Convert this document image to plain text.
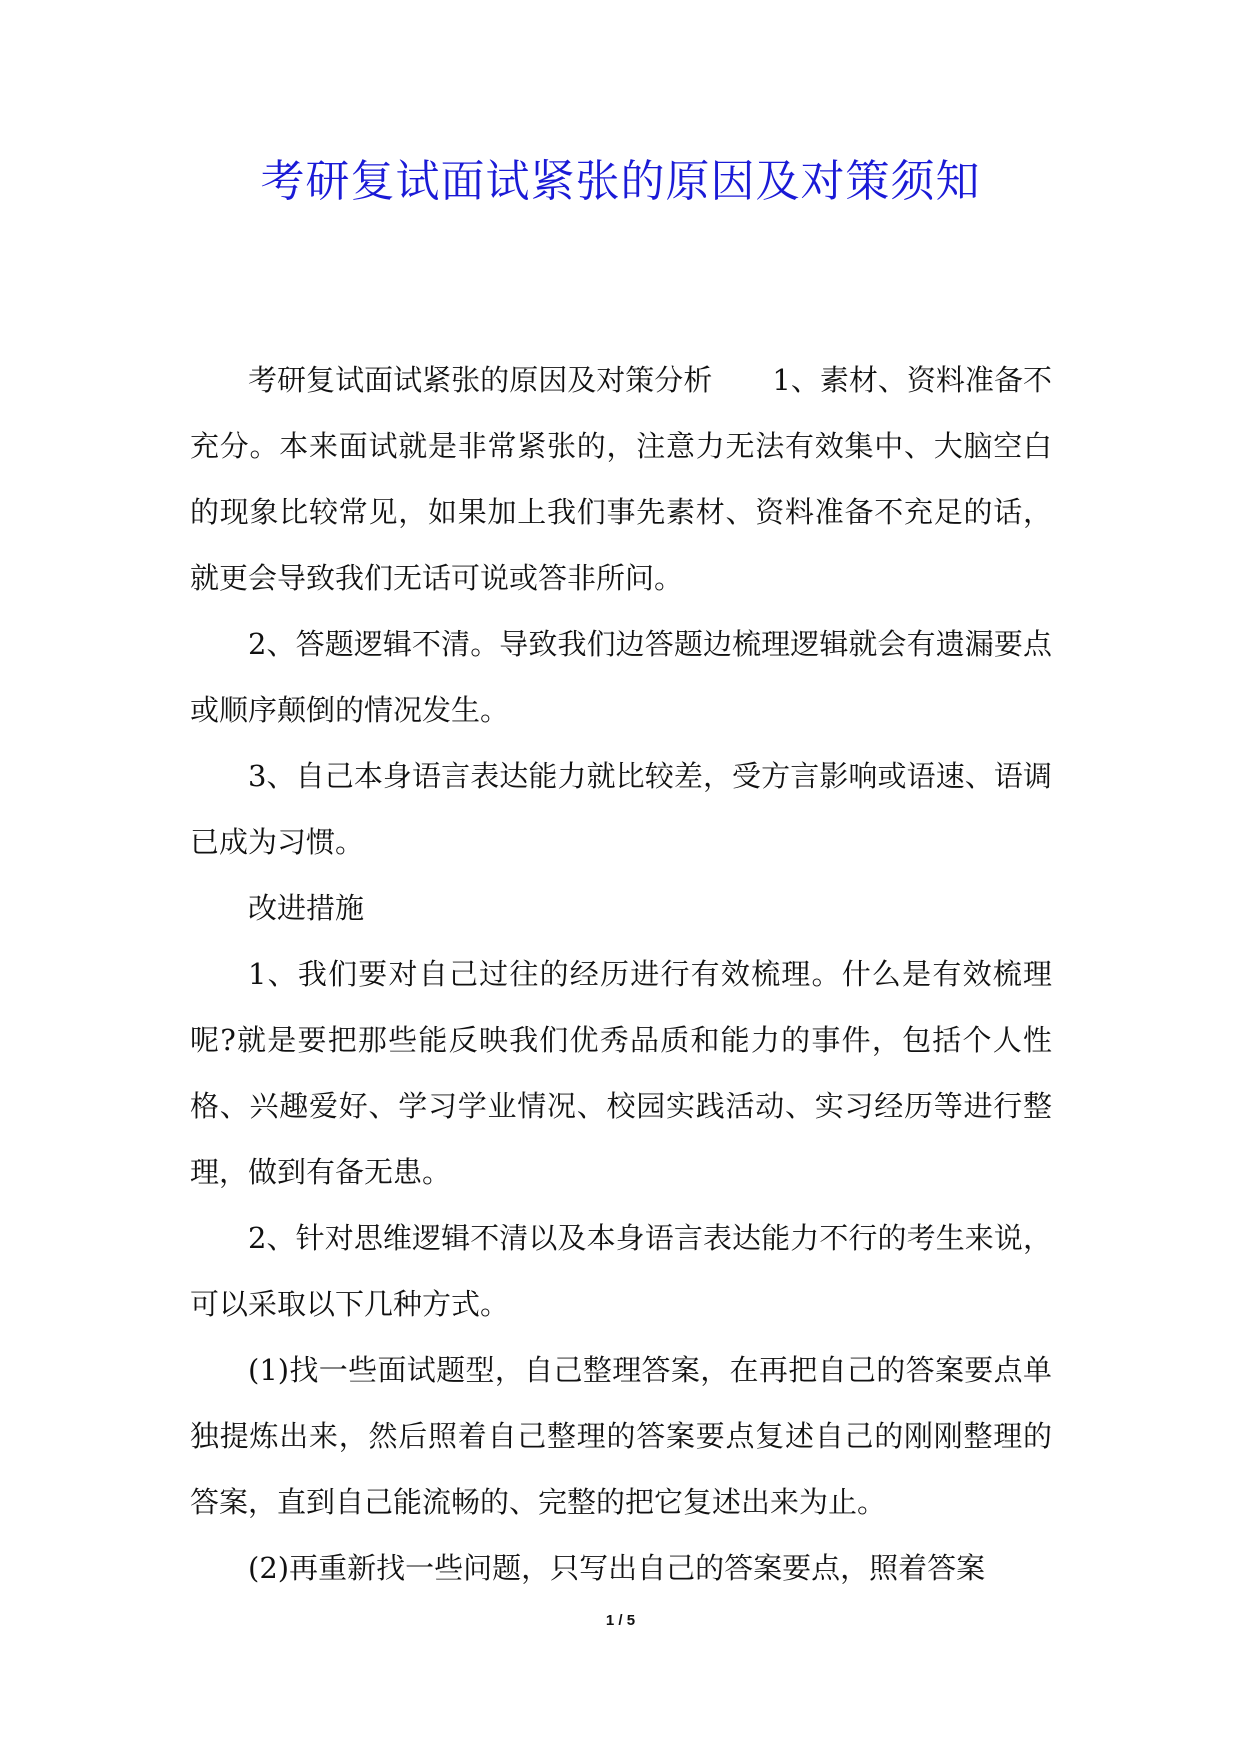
考研复试面试紧张的原因及对策须知

考研复试面试紧张的原因及对策分析 1、素材、资料准备不充分。本来面试就是非常紧张的，注意力无法有效集中、大脑空白的现象比较常见，如果加上我们事先素材、资料准备不充足的话，就更会导致我们无话可说或答非所问。

2、答题逻辑不清。导致我们边答题边梳理逻辑就会有遗漏要点或顺序颠倒的情况发生。

3、自己本身语言表达能力就比较差，受方言影响或语速、语调已成为习惯。

改进措施

1、我们要对自己过往的经历进行有效梳理。什么是有效梳理呢?就是要把那些能反映我们优秀品质和能力的事件，包括个人性格、兴趣爱好、学习学业情况、校园实践活动、实习经历等进行整理，做到有备无患。

2、针对思维逻辑不清以及本身语言表达能力不行的考生来说，可以采取以下几种方式。

(1)找一些面试题型，自己整理答案，在再把自己的答案要点单独提炼出来，然后照着自己整理的答案要点复述自己的刚刚整理的答案，直到自己能流畅的、完整的把它复述出来为止。

(2)再重新找一些问题，只写出自己的答案要点，照着答案

1 / 5
